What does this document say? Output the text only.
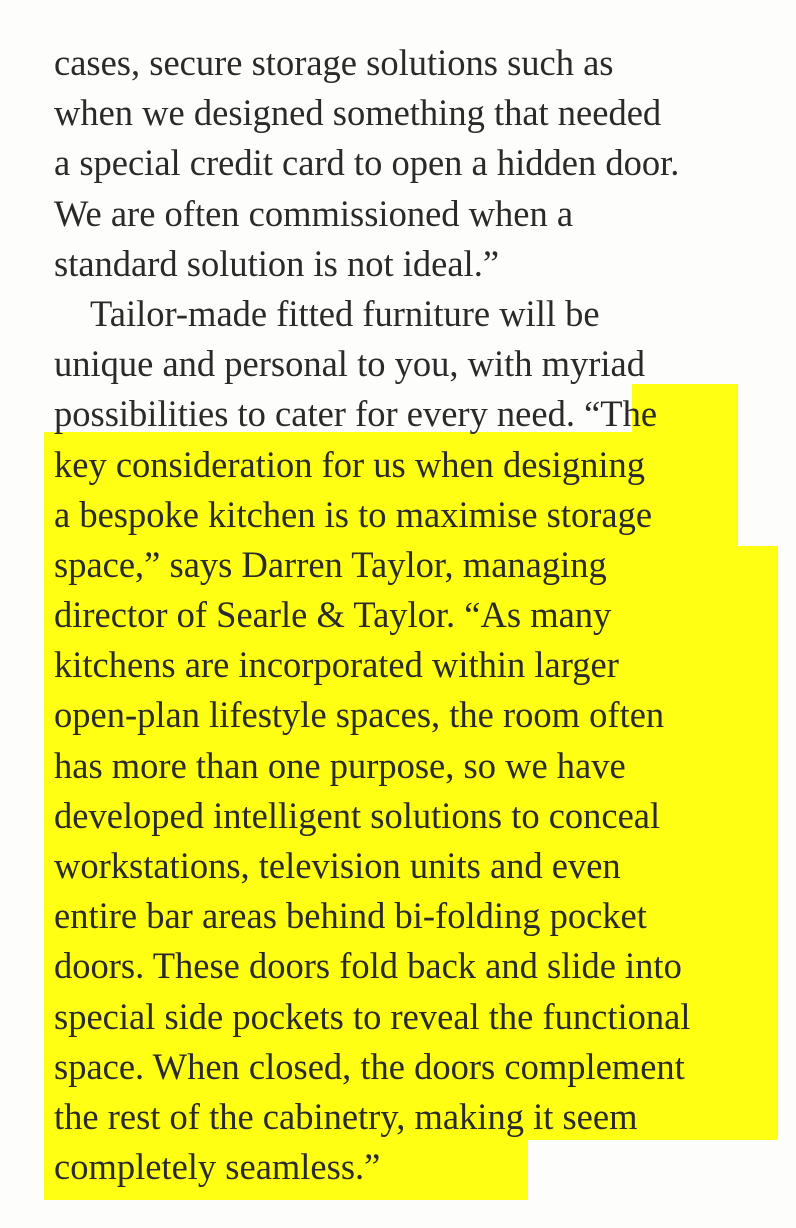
cases, secure storage solutions such as
when we designed something that needed
a special credit card to open a hidden door.
We are often commissioned when a
standard solution is not ideal.”
Tailor-made fitted furniture will be
unique and personal to you, with myriad
possibilities to cater for every need. “The
key consideration for us when designing
a bespoke kitchen is to maximise storage
space,” says Darren Taylor, managing
director of Searle & Taylor. “As many
kitchens are incorporated within larger
open-plan lifestyle spaces, the room often
has more than one purpose, so we have
developed intelligent solutions to conceal
workstations, television units and even
entire bar areas behind bi-folding pocket
doors. These doors fold back and slide into
special side pockets to reveal the functional
space. When closed, the doors complement
the rest of the cabinetry, making it seem
completely seamless.”
